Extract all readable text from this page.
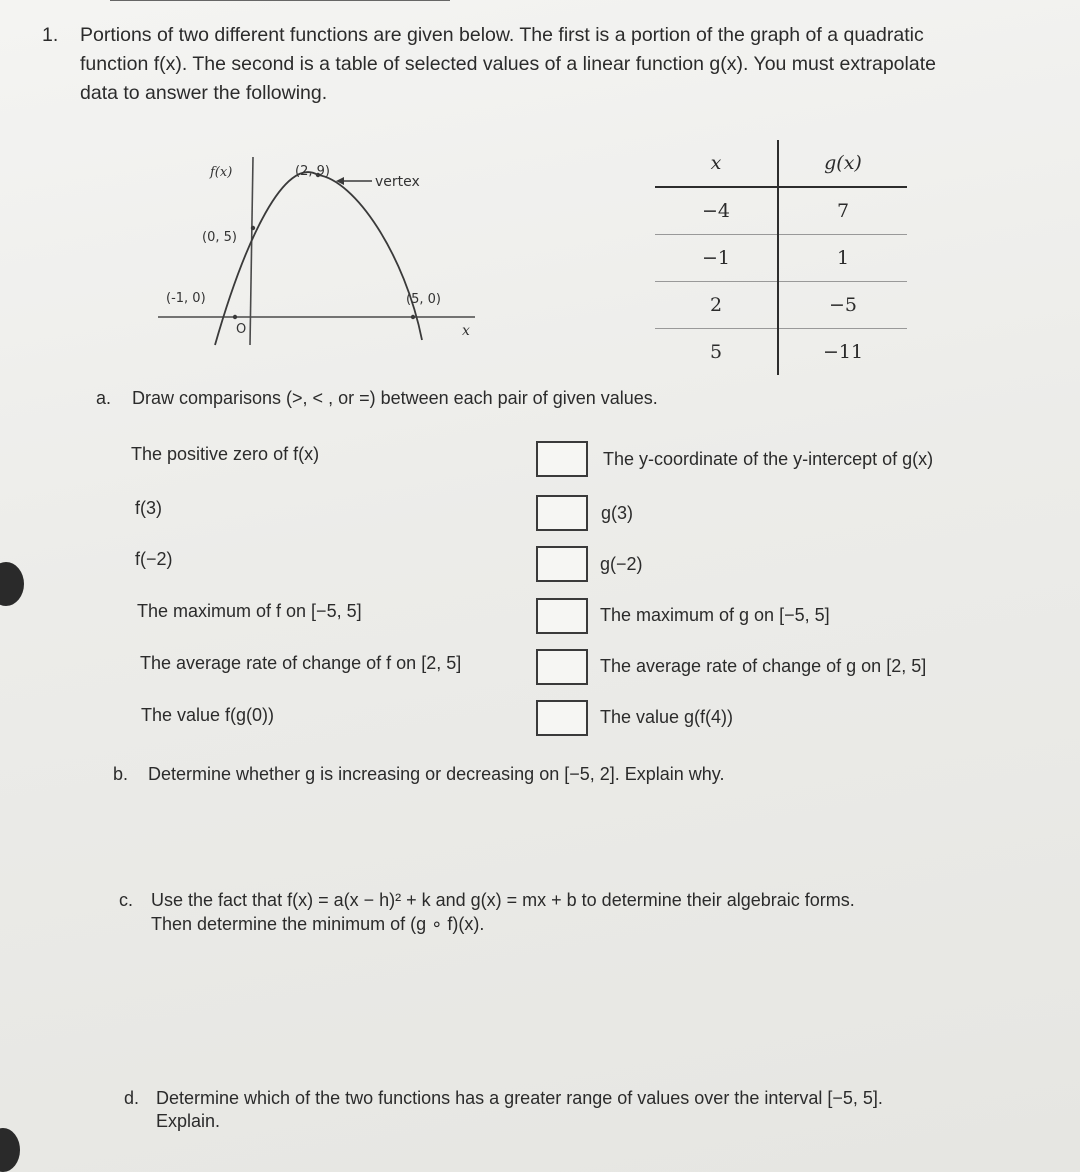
1. Portions of two different functions are given below. The first is a portion of the graph of a quadratic
function f(x). The second is a table of selected values of a linear function g(x). You must extrapolate
data to answer the following.
f(x)	(2, 9)
vertex
(0, 5)
(-1, 0)	(5, 0)
x
O
x	g(x)
−4	7
−1	1
2	−5
5	−11
a. Draw comparisons (>, < , or =) between each pair of given values.
The positive zero of f(x)	The y-coordinate of the y-intercept of g(x)
f(3)	g(3)
f(−2)	g(−2)
The maximum of f on [−5, 5]	The maximum of g on [−5, 5]
The average rate of change of f on [2, 5]	The average rate of change of g on [2, 5]
The value f(g(0))	The value g(f(4))
b. Determine whether g is increasing or decreasing on [−5, 2]. Explain why.
c. Use the fact that f(x) = a(x − h)² + k and g(x) = mx + b to determine their algebraic forms.
Then determine the minimum of (g ∘ f)(x).
d. Determine which of the two functions has a greater range of values over the interval [−5, 5].
Explain.
